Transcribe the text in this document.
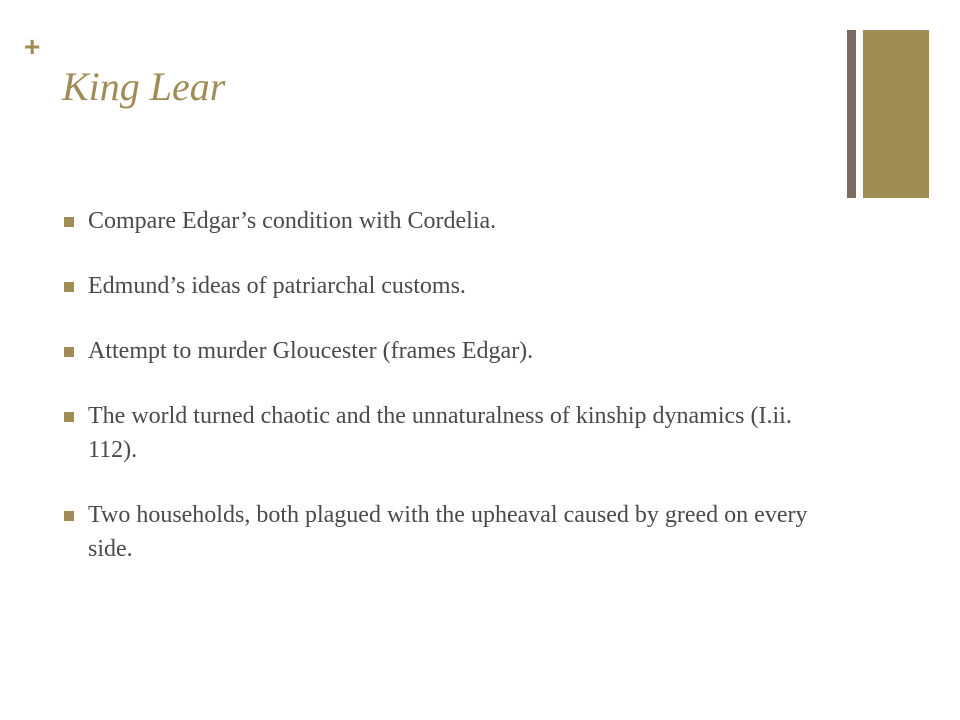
+
King Lear
Compare Edgar’s condition with Cordelia.
Edmund’s ideas of patriarchal customs.
Attempt to murder Gloucester (frames Edgar).
The world turned chaotic and the unnaturalness of kinship dynamics (I.ii. 112).
Two households, both plagued with the upheaval caused by greed on every side.
